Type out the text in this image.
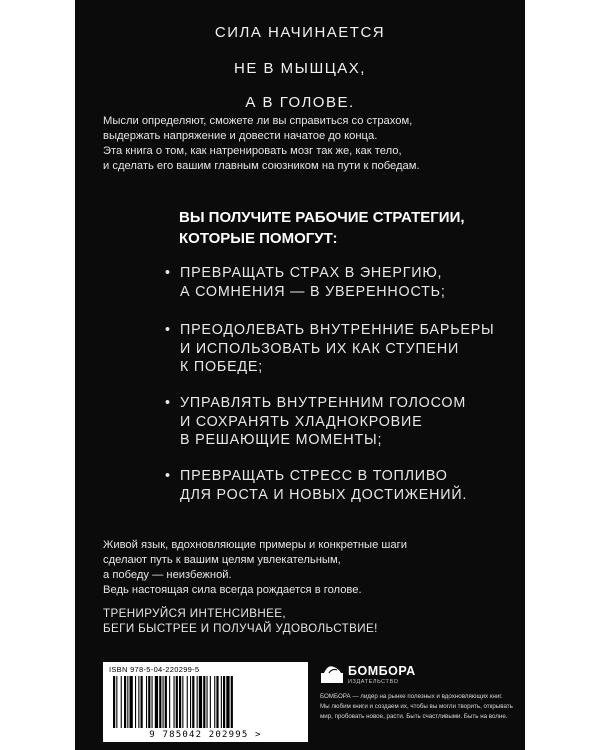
СИЛА НАЧИНАЕТСЯ
НЕ В МЫШЦАХ,
А В ГОЛОВЕ.
Мысли определяют, сможете ли вы справиться со страхом,
выдержать напряжение и довести начатое до конца.
Эта книга о том, как натренировать мозг так же, как тело,
и сделать его вашим главным союзником на пути к победам.
ВЫ ПОЛУЧИТЕ РАБОЧИЕ СТРАТЕГИИ,
КОТОРЫЕ ПОМОГУТ:
• ПРЕВРАЩАТЬ СТРАХ В ЭНЕРГИЮ,
А СОМНЕНИЯ — В УВЕРЕННОСТЬ;
• ПРЕОДОЛЕВАТЬ ВНУТРЕННИЕ БАРЬЕРЫ
И ИСПОЛЬЗОВАТЬ ИХ КАК СТУПЕНИ
К ПОБЕДЕ;
• УПРАВЛЯТЬ ВНУТРЕННИМ ГОЛОСОМ
И СОХРАНЯТЬ ХЛАДНОКРОВИЕ
В РЕШАЮЩИЕ МОМЕНТЫ;
• ПРЕВРАЩАТЬ СТРЕСС В ТОПЛИВО
ДЛЯ РОСТА И НОВЫХ ДОСТИЖЕНИЙ.
Живой язык, вдохновляющие примеры и конкретные шаги
сделают путь к вашим целям увлекательным,
а победу — неизбежной.
Ведь настоящая сила всегда рождается в голове.
ТРЕНИРУЙСЯ ИНТЕНСИВНЕЕ,
БЕГИ БЫСТРЕЕ И ПОЛУЧАЙ УДОВОЛЬСТВИЕ!
ISBN 978-5-04-220299-5
9 785042 202995 >
БОМБОРА
ИЗДАТЕЛЬСТВО
БОМБОРА — лидер на рынке полезных и вдохновляющих книг.
Мы любим книги и создаем их, чтобы вы могли творить, открывать
мир, пробовать новое, расти. Быть счастливыми. Быть на волне.
